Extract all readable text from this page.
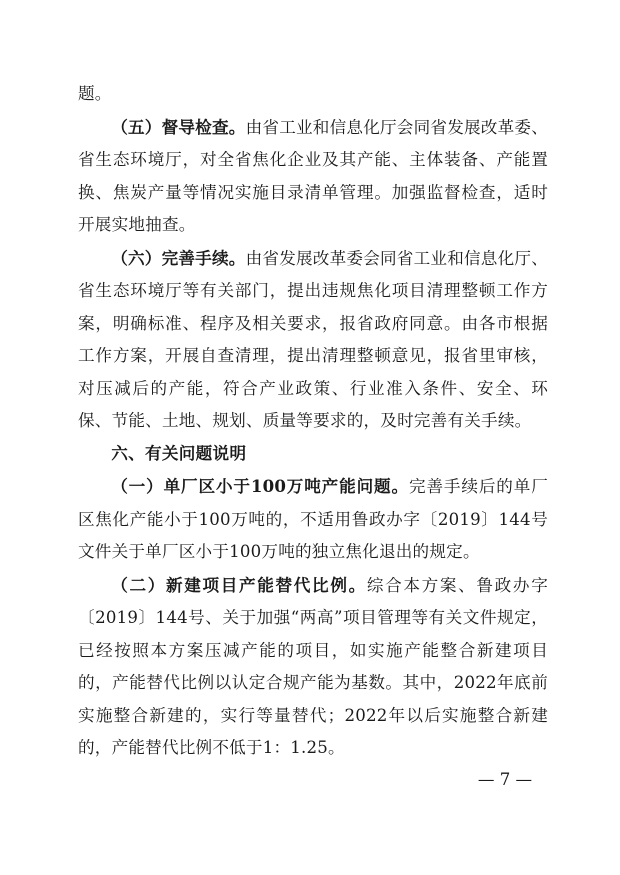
题。

（五）督导检查。由省工业和信息化厅会同省发展改革委、省生态环境厅，对全省焦化企业及其产能、主体装备、产能置换、焦炭产量等情况实施目录清单管理。加强监督检查，适时开展实地抽查。

（六）完善手续。由省发展改革委会同省工业和信息化厅、省生态环境厅等有关部门，提出违规焦化项目清理整顿工作方案，明确标准、程序及相关要求，报省政府同意。由各市根据工作方案，开展自查清理，提出清理整顿意见，报省里审核，对压减后的产能，符合产业政策、行业准入条件、安全、环保、节能、土地、规划、质量等要求的，及时完善有关手续。

六、有关问题说明

（一）单厂区小于100万吨产能问题。完善手续后的单厂区焦化产能小于100万吨的，不适用鲁政办字〔2019〕144号文件关于单厂区小于100万吨的独立焦化退出的规定。

（二）新建项目产能替代比例。综合本方案、鲁政办字〔2019〕144号、关于加强“两高”项目管理等有关文件规定，已经按照本方案压减产能的项目，如实施产能整合新建项目的，产能替代比例以认定合规产能为基数。其中，2022年底前实施整合新建的，实行等量替代；2022年以后实施整合新建的，产能替代比例不低于1：1.25。

— 7 —
